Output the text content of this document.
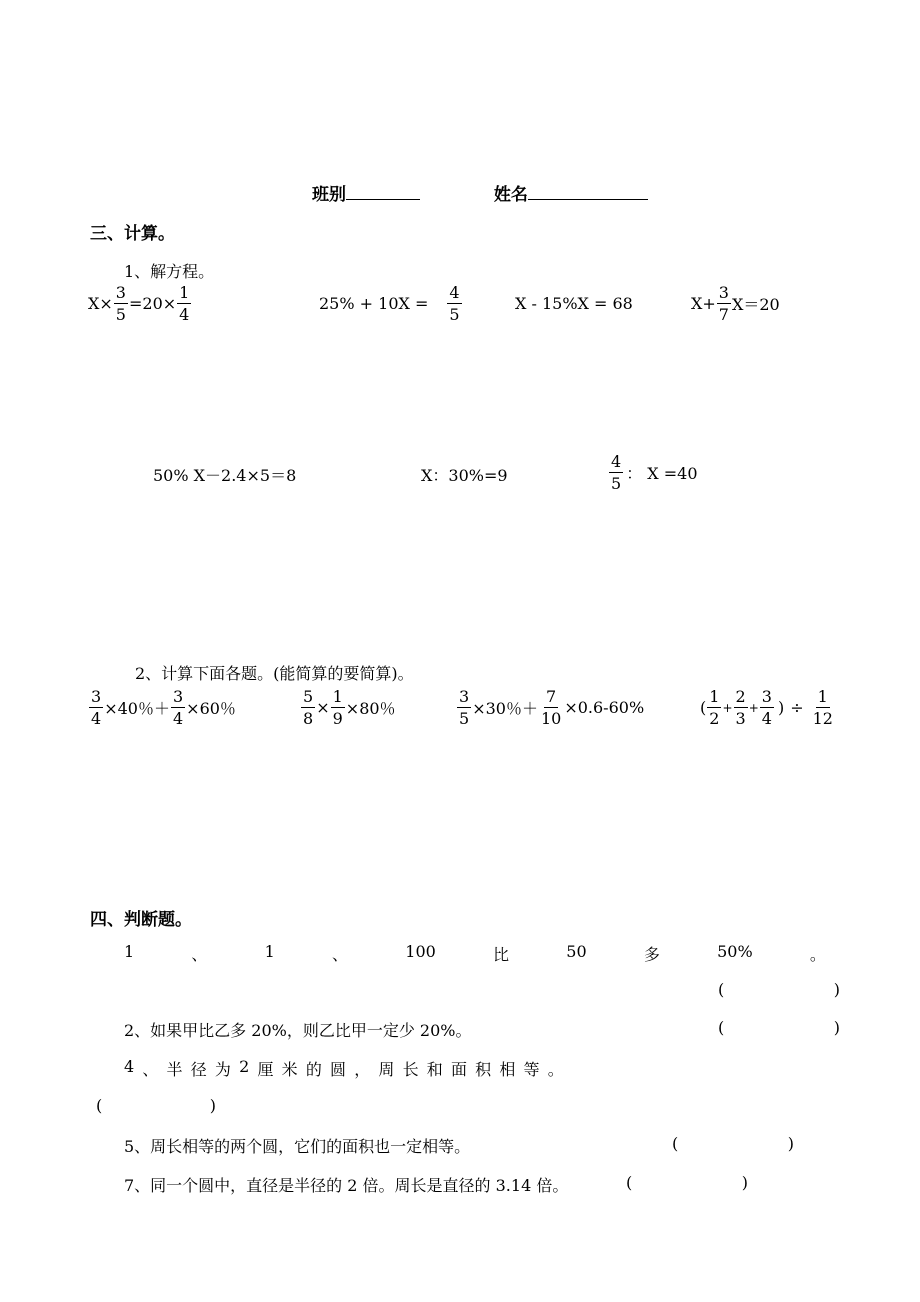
班别	姓名
三、计算。
1、解方程。
$X\times \frac{3}{5} =20\times \frac{1}{4}$	$25\% + 10X = \frac{4}{5}$	X - 15%X = 68	$X+ \frac{3}{7} X=20$
50% X－2.4×5＝8	X：30%=9	$\frac{4}{5}$ ： X =40
2、计算下面各题。(能简算的要简算)。
$\frac{3}{4} \times 40$％＋ $\frac{3}{4} \times 60$％	$\frac{5}{8} \times \frac{1}{9} \times 80$％	$\frac{3}{5} \times 30$％＋ $\frac{7}{10} \times 0.6-60\%$	( $\frac{1}{2} + \frac{2}{3} + \frac{3}{4}$ ) ÷ $\frac{1}{12}$
四、判断题。
1	、	1	、	100	比	50	多	50%	。
(	)
2、如果甲比乙多 20%，则乙比甲一定少 20%。	(	)
4 、 半 径 为 2 厘 米 的 圆 ， 周 长 和 面 积 相 等 。
(	)
5、周长相等的两个圆，它们的面积也一定相等。	(	)
7、同一个圆中，直径是半径的 2 倍。周长是直径的 3.14 倍。	(	)
